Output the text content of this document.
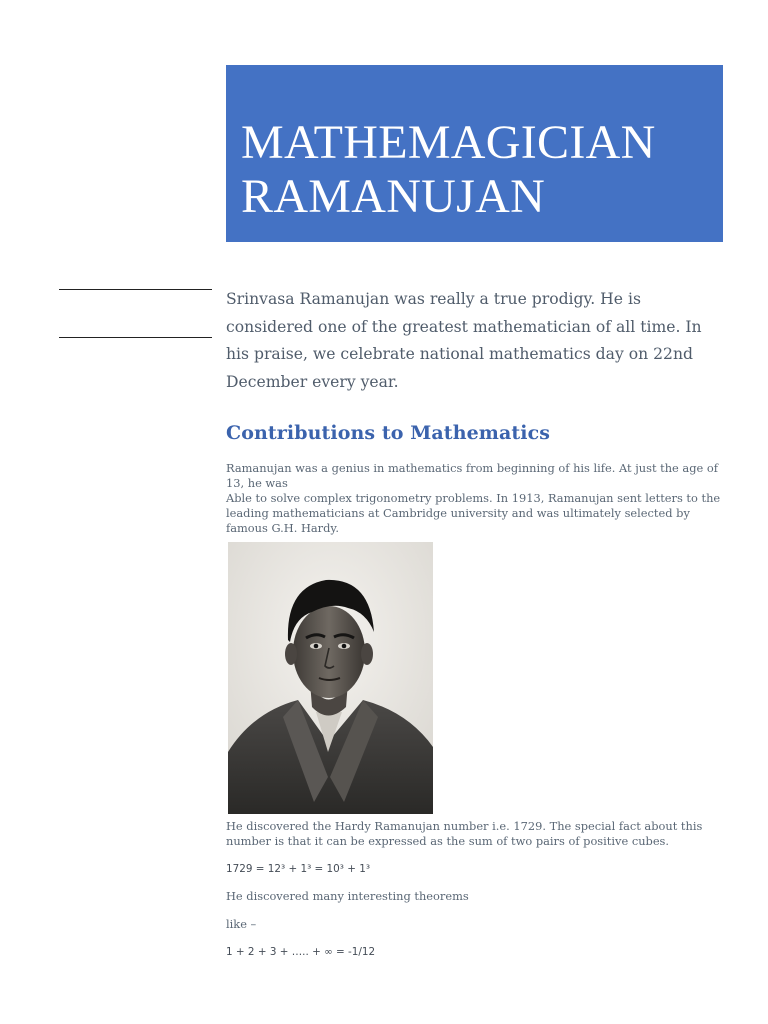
MATHEMAGICIAN
RAMANUJAN

Srinvasa Ramanujan was really a true prodigy. He is considered one of the greatest mathematician of all time. In his praise, we celebrate national mathematics day on 22nd December every year.

Contributions to Mathematics

Ramanujan was a genius in mathematics from beginning of his life. At just the age of 13, he was
Able to solve complex trigonometry problems. In 1913, Ramanujan sent letters to the leading mathematicians at Cambridge university and was ultimately selected by famous G.H. Hardy.

He discovered the Hardy Ramanujan number i.e. 1729. The special fact about this number is that it can be expressed as the sum of two pairs of positive cubes.

1729 = 12³ + 1³ = 10³ + 1³

He discovered many interesting theorems

like –

1 + 2 + 3 + ….. + ∞ = -1/12
